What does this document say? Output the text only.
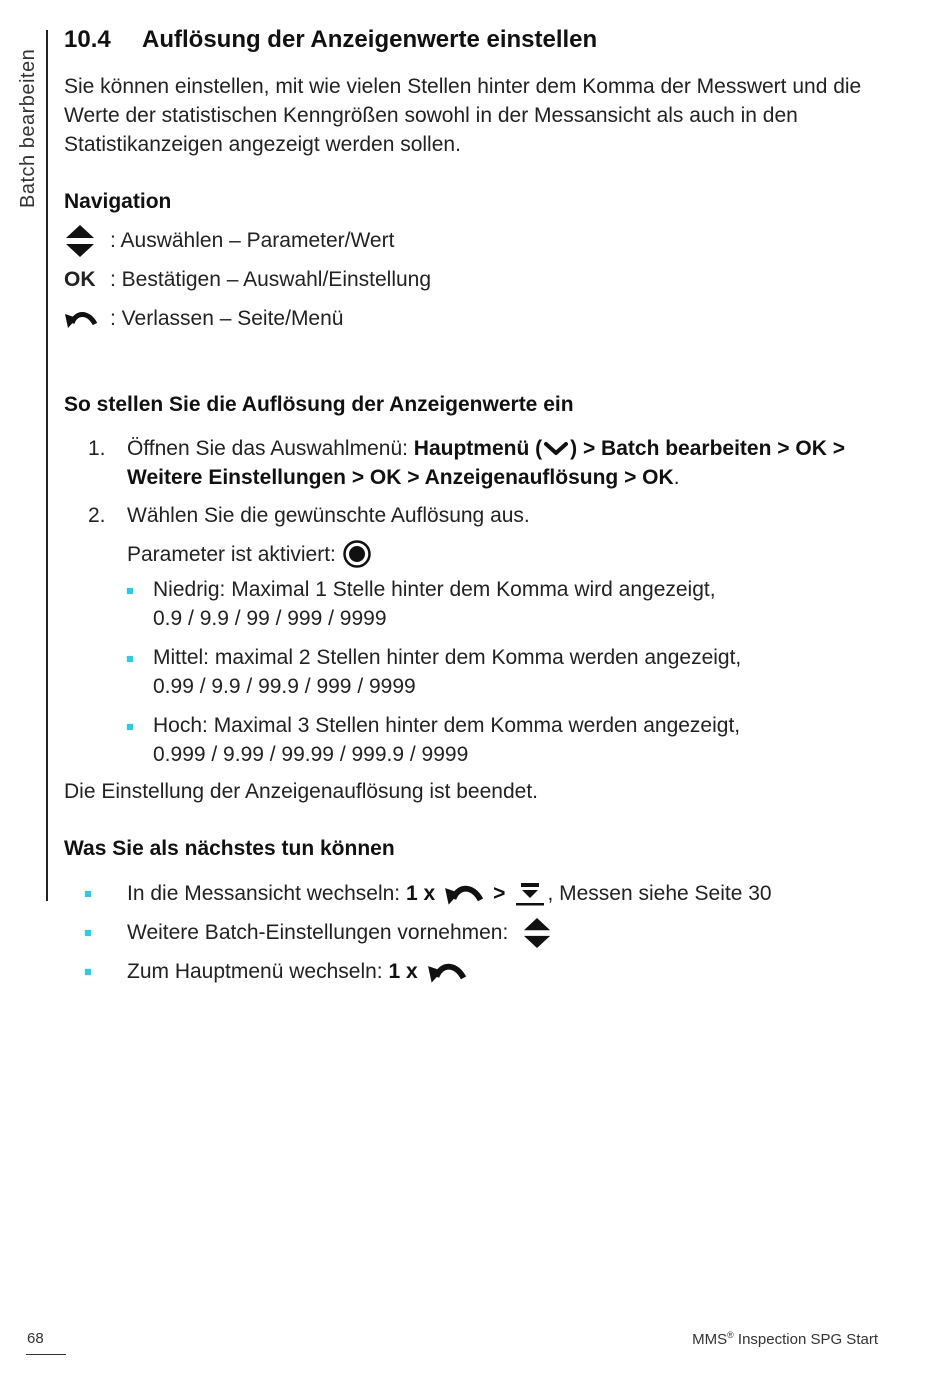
Batch bearbeiten
10.4 Auflösung der Anzeigenwerte einstellen

Sie können einstellen, mit wie vielen Stellen hinter dem Komma der Messwert und die Werte der statistischen Kenngrößen sowohl in der Messansicht als auch in den Statistikanzeigen angezeigt werden sollen.

Navigation
: Auswählen – Parameter/Wert
OK : Bestätigen – Auswahl/Einstellung
: Verlassen – Seite/Menü
So stellen Sie die Auflösung der Anzeigenwerte ein
1. Öffnen Sie das Auswahlmenü: Hauptmenü ( ) > Batch bearbeiten > OK > Weitere Einstellungen > OK > Anzeigenauflösung > OK.
2. Wählen Sie die gewünschte Auflösung aus.
Parameter ist aktiviert:
Niedrig: Maximal 1 Stelle hinter dem Komma wird angezeigt,
0.9 / 9.9 / 99 / 999 / 9999
Mittel: maximal 2 Stellen hinter dem Komma werden angezeigt,
0.99 / 9.9 / 99.9 / 999 / 9999
Hoch: Maximal 3 Stellen hinter dem Komma werden angezeigt,
0.999 / 9.99 / 99.99 / 999.9 / 9999

Die Einstellung der Anzeigenauflösung ist beendet.

Was Sie als nächstes tun können
In die Messansicht wechseln: 1 x	> , Messen siehe Seite 30
Weitere Batch-Einstellungen vornehmen:
Zum Hauptmenü wechseln: 1 x
68	MMS® Inspection SPG Start
